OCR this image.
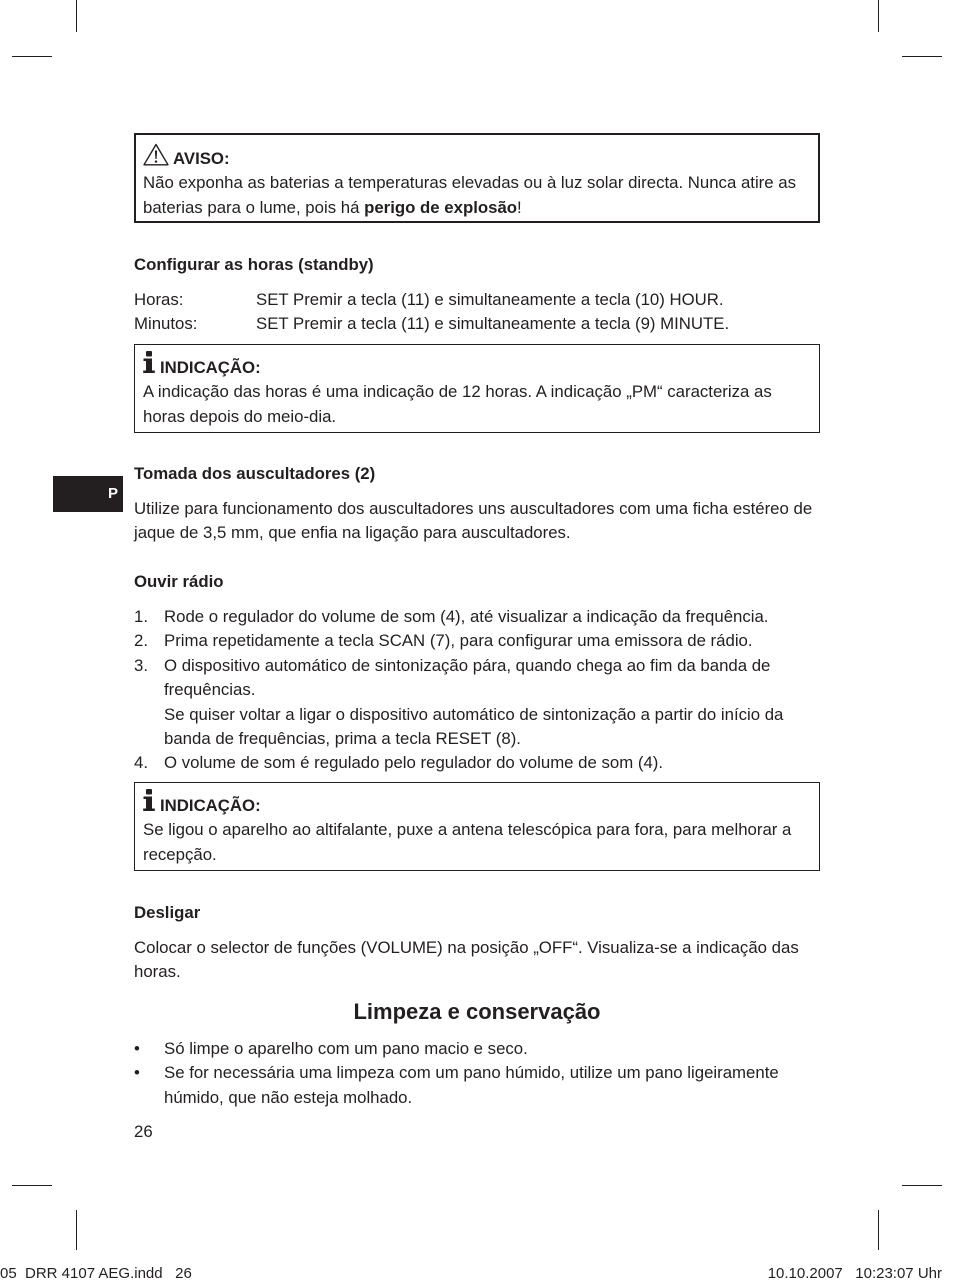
P
AVISO:

Não exponha as baterias a temperaturas elevadas ou à luz solar directa. Nunca atire as baterias para o lume, pois há perigo de explosão!

Configurar as horas (standby)
Horas:	SET Premir a tecla (11) e simultaneamente a tecla (10) HOUR.
Minutos:	SET Premir a tecla (11) e simultaneamente a tecla (9) MINUTE.
INDICAÇÃO:

A indicação das horas é uma indicação de 12 horas. A indicação „PM“ caracteriza as horas depois do meio-dia.

Tomada dos auscultadores (2)

Utilize para funcionamento dos auscultadores uns auscultadores com uma ficha estéreo de jaque de 3,5 mm, que enfia na ligação para auscultadores.

Ouvir rádio
1. Rode o regulador do volume de som (4), até visualizar a indicação da frequência.

2. Prima repetidamente a tecla SCAN (7), para configurar uma emissora de rádio.

3. O dispositivo automático de sintonização pára, quando chega ao fim da banda de frequências.

Se quiser voltar a ligar o dispositivo automático de sintonização a partir do início da banda de frequências, prima a tecla RESET (8).

4. O volume de som é regulado pelo regulador do volume de som (4).

INDICAÇÃO:

Se ligou o aparelho ao altifalante, puxe a antena telescópica para fora, para melhorar a recepção.

Desligar

Colocar o selector de funções (VOLUME) na posição „OFF“. Visualiza-se a indicação das horas.

Limpeza e conservação
• Só limpe o aparelho com um pano macio e seco.

• Se for necessária uma limpeza com um pano húmido, utilize um pano ligeiramente húmido, que não esteja molhado.

26
05  DRR 4107 AEG.indd   26	10.10.2007   10:23:07 Uhr
